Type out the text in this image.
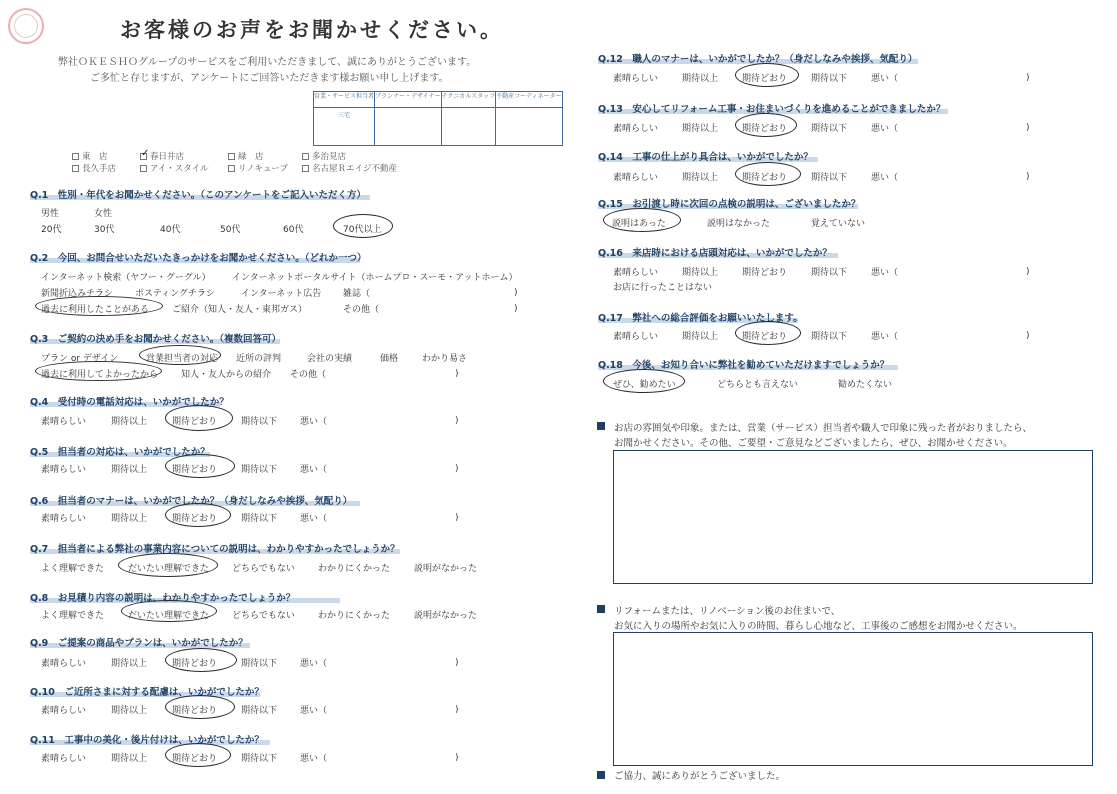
お客様のお声をお聞かせください。
弊社ＯＫＥＳＨＯグループのサービスをご利用いただきまして、誠にありがとうございます。
ご多忙と存じますが、アンケートにご回答いただきます様お願い申し上げます。
営業・サービス担当者	プランナー・デザイナー	テクニカルスタッフ	不動産コーディネーター
三宅			
東　店	✓ 春日井店	緑　店	多治見店
長久手店	アイ・スタイル	リノキューブ	名古屋Ｒエイジ不動産
Q.1　性別・年代をお聞かせください。（このアンケートをご記入いただく方）
男性	女性
20代	30代	40代	50代	60代	70代以上
Q.2　今回、お問合せいただいたきっかけをお聞かせください。（どれか一つ）
インターネット検索（ヤフー・グーグル） インターネットポータルサイト（ホームプロ・スーモ・アットホーム）
新聞折込みチラシ ポスティングチラシ	インターネット広告 雑誌（	)
過去に利用したことがある	ご紹介（知人・友人・東邦ガス）	その他（	)
Q.3　ご契約の決め手をお聞かせください。（複数回答可）
プラン or デザイン	営業担当者の対応 近所の評判	会社の実績	価格	わかり易さ
過去に利用してよかったから	知人・友人からの紹介 その他（	)
Q.4　受付時の電話対応は、いかがでしたか？
素晴らしい	期待以上	期待どおり	期待以下	悪い（	)
Q.5　担当者の対応は、いかがでしたか？
素晴らしい	期待以上	期待どおり	期待以下	悪い（	)
Q.6　担当者のマナーは、いかがでしたか？（身だしなみや挨拶、気配り）
素晴らしい	期待以上	期待どおり	期待以下	悪い（	)
Q.7　担当者による弊社の事業内容についての説明は、わかりやすかったでしょうか？
よく理解できた	だいたい理解できた	どちらでもない	わかりにくかった	説明がなかった
Q.8　お見積り内容の説明は、わかりやすかったでしょうか？
よく理解できた	だいたい理解できた	どちらでもない	わかりにくかった	説明がなかった
Q.9　ご提案の商品やプランは、いかがでしたか？
素晴らしい	期待以上	期待どおり	期待以下	悪い（	)
Q.10　ご近所さまに対する配慮は、いかがでしたか？
素晴らしい	期待以上	期待どおり	期待以下	悪い（	)
Q.11　工事中の美化・後片付けは、いかがでしたか？
素晴らしい	期待以上	期待どおり	期待以下	悪い（	)
Q.12　職人のマナーは、いかがでしたか？（身だしなみや挨拶、気配り）
素晴らしい	期待以上	期待どおり	期待以下	悪い（	)
Q.13　安心してリフォーム工事・お住まいづくりを進めることができましたか？
素晴らしい	期待以上	期待どおり	期待以下	悪い（	)
Q.14　工事の仕上がり具合は、いかがでしたか？
素晴らしい	期待以上	期待どおり	期待以下	悪い（	)
Q.15　お引渡し時に次回の点検の説明は、ございましたか？
説明はあった	説明はなかった	覚えていない
Q.16　来店時における店頭対応は、いかがでしたか？
素晴らしい	期待以上	期待どおり	期待以下	悪い（	)
お店に行ったことはない
Q.17　弊社への総合評価をお願いいたします。
素晴らしい	期待以上	期待どおり	期待以下	悪い（	)
Q.18　今後、お知り合いに弊社を勧めていただけますでしょうか？
ぜひ、勧めたい	どちらとも言えない	勧めたくない
お店の雰囲気や印象。または、営業（サービス）担当者や職人で印象に残った者がおりましたら、
お聞かせください。その他、ご要望・ご意見などございましたら、ぜひ、お聞かせください。
リフォームまたは、リノベーション後のお住まいで、
お気に入りの場所やお気に入りの時間、暮らし心地など、工事後のご感想をお聞かせください。
ご協力、誠にありがとうございました。
